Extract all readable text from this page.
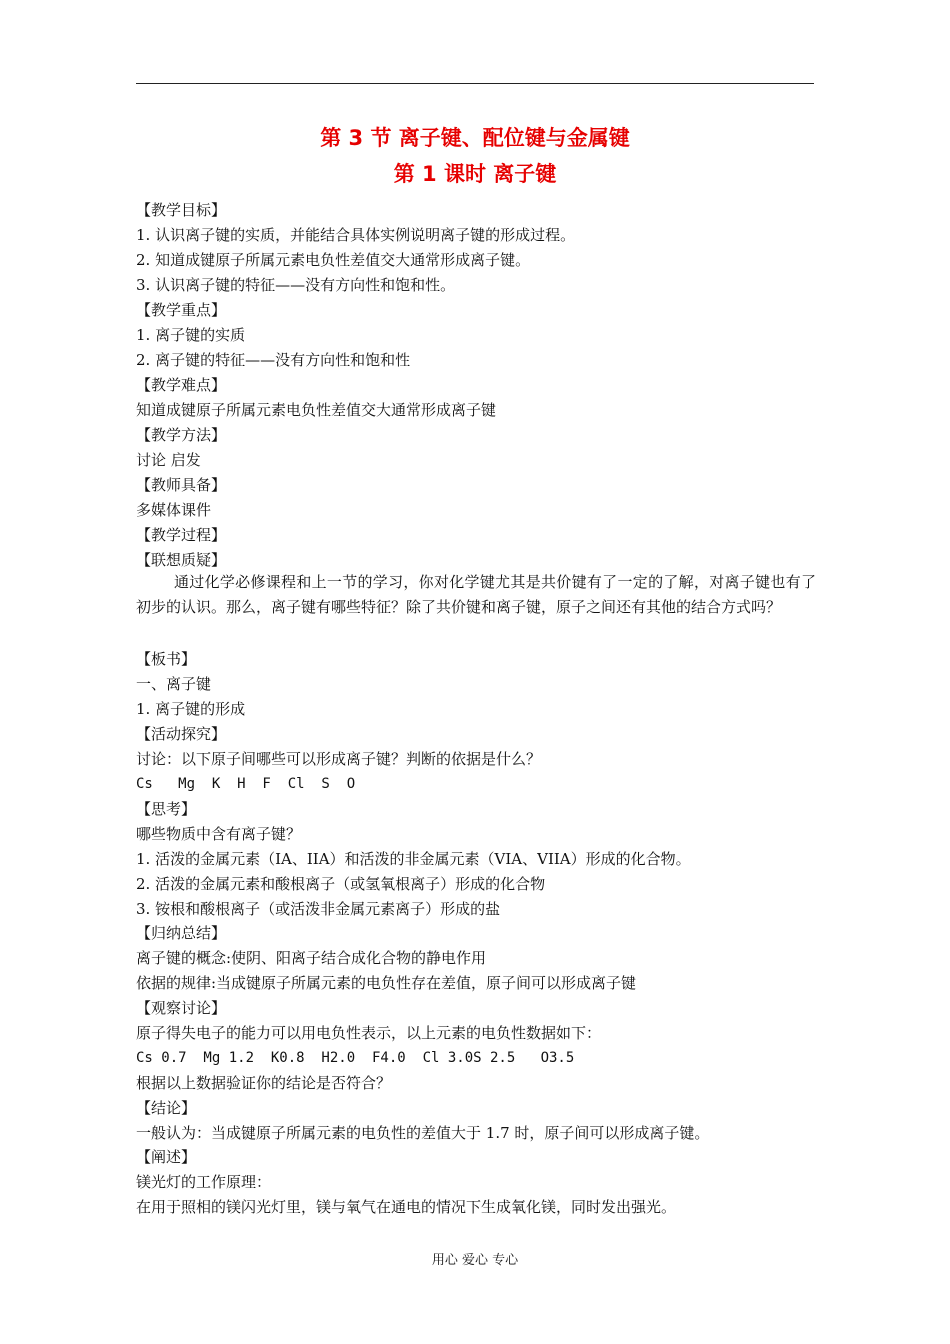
第 3 节 离子键、配位键与金属键
第 1 课时 离子键
【教学目标】
1. 认识离子键的实质，并能结合具体实例说明离子键的形成过程。
2. 知道成键原子所属元素电负性差值交大通常形成离子键。
3. 认识离子键的特征——没有方向性和饱和性。
【教学重点】
1. 离子键的实质
2. 离子键的特征——没有方向性和饱和性
【教学难点】
知道成键原子所属元素电负性差值交大通常形成离子键
【教学方法】
讨论 启发
【教师具备】
多媒体课件
【教学过程】
【联想质疑】
通过化学必修课程和上一节的学习，你对化学键尤其是共价键有了一定的了解，对离子键也有了初步的认识。那么，离子键有哪些特征？除了共价键和离子键，原子之间还有其他的结合方式吗？
【板书】
一、离子键
1. 离子键的形成
【活动探究】
讨论：以下原子间哪些可以形成离子键？判断的依据是什么？
Cs   Mg  K  H  F  Cl  S  O
【思考】
哪些物质中含有离子键？
1. 活泼的金属元素（IA、IIA）和活泼的非金属元素（VIA、VIIA）形成的化合物。
2. 活泼的金属元素和酸根离子（或氢氧根离子）形成的化合物
3. 铵根和酸根离子（或活泼非金属元素离子）形成的盐
【归纳总结】
离子键的概念:使阴、阳离子结合成化合物的静电作用
依据的规律:当成键原子所属元素的电负性存在差值，原子间可以形成离子键
【观察讨论】
原子得失电子的能力可以用电负性表示，以上元素的电负性数据如下：
Cs 0.7  Mg 1.2  K0.8  H2.0  F4.0  Cl 3.0S 2.5   O3.5
根据以上数据验证你的结论是否符合？
【结论】
一般认为：当成键原子所属元素的电负性的差值大于 1.7 时，原子间可以形成离子键。
【阐述】
镁光灯的工作原理：
在用于照相的镁闪光灯里，镁与氧气在通电的情况下生成氧化镁，同时发出强光。
用心 爱心 专心
